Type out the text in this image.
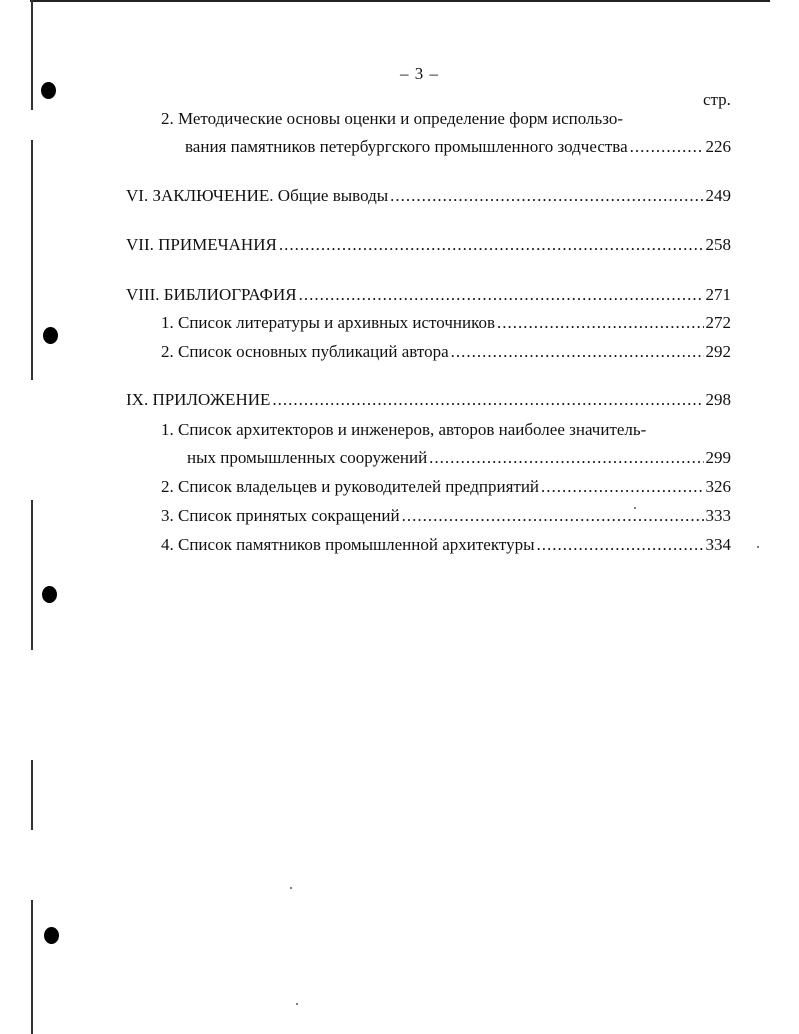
– 3 –
стр.
2. Методические основы оценки и определение форм использо-
вания памятников петербургского промышленного зодчества .....	226
VI. ЗАКЛЮЧЕНИЕ. Общие выводы .....	249
VII. ПРИМЕЧАНИЯ .....	258
VIII. БИБЛИОГРАФИЯ .....	271
1. Список литературы и архивных источников .....	272
2. Список основных публикаций автора .....	292
IX. ПРИЛОЖЕНИЕ .....	298
1. Список архитекторов и инженеров, авторов наиболее значитель-
ных промышленных сооружений .....	299
2. Список владельцев и руководителей предприятий .....	326
3. Список принятых сокращений .....	333
4. Список памятников промышленной архитектуры .....	334
